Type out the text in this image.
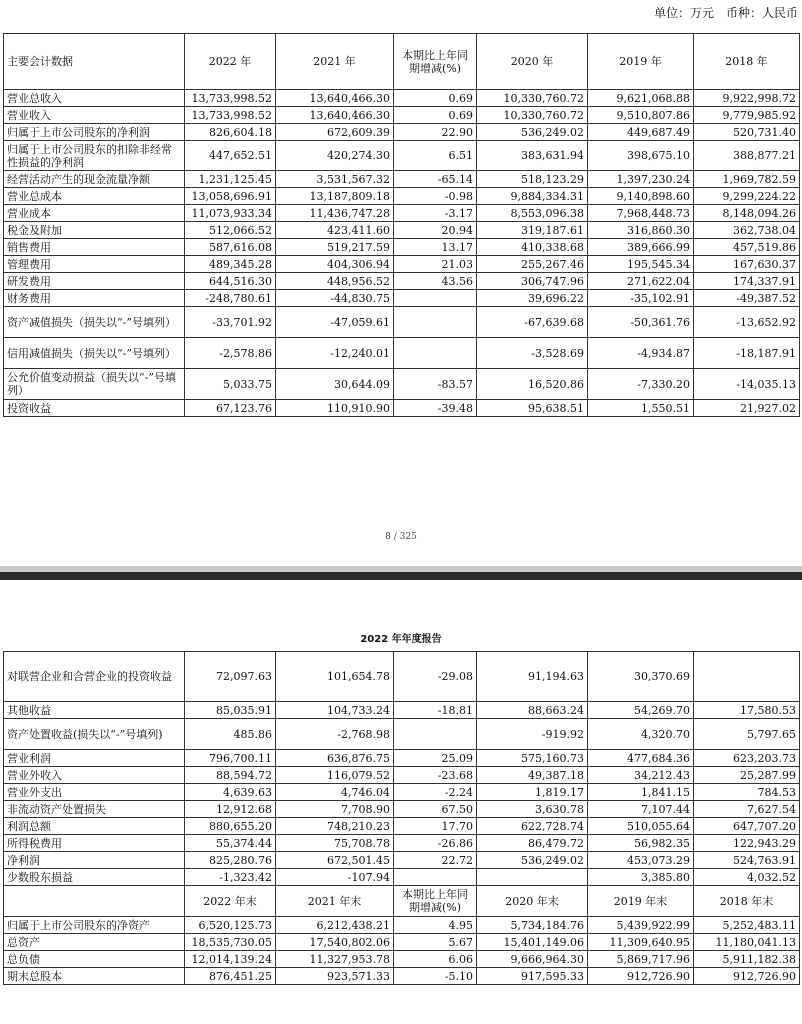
单位：万元　币种：人民币
主要会计数据	2022 年	2021 年	本期比上年同期增减(%)	2020 年	2019 年	2018 年
营业总收入	13,733,998.52	13,640,466.30	0.69	10,330,760.72	9,621,068.88	9,922,998.72
营业收入	13,733,998.52	13,640,466.30	0.69	10,330,760.72	9,510,807.86	9,779,985.92
归属于上市公司股东的净利润	826,604.18	672,609.39	22.90	536,249.02	449,687.49	520,731.40
归属于上市公司股东的扣除非经常性损益的净利润	447,652.51	420,274.30	6.51	383,631.94	398,675.10	388,877.21
经营活动产生的现金流量净额	1,231,125.45	3,531,567.32	-65.14	518,123.29	1,397,230.24	1,969,782.59
营业总成本	13,058,696.91	13,187,809.18	-0.98	9,884,334.31	9,140,898.60	9,299,224.22
营业成本	11,073,933.34	11,436,747.28	-3.17	8,553,096.38	7,968,448.73	8,148,094.26
税金及附加	512,066.52	423,411.60	20.94	319,187.61	316,860.30	362,738.04
销售费用	587,616.08	519,217.59	13.17	410,338.68	389,666.99	457,519.86
管理费用	489,345.28	404,306.94	21.03	255,267.46	195,545.34	167,630.37
研发费用	644,516.30	448,956.52	43.56	306,747.96	271,622.04	174,337.91
财务费用	-248,780.61	-44,830.75		39,696.22	-35,102.91	-49,387.52
资产减值损失（损失以“-”号填列）	-33,701.92	-47,059.61		-67,639.68	-50,361.76	-13,652.92
信用减值损失（损失以“-”号填列）	-2,578.86	-12,240.01		-3,528.69	-4,934.87	-18,187.91
公允价值变动损益（损失以“-”号填列）	5,033.75	30,644.09	-83.57	16,520.86	-7,330.20	-14,035.13
投资收益	67,123.76	110,910.90	-39.48	95,638.51	1,550.51	21,927.02
8 / 325
2022 年年度报告
对联营企业和合营企业的投资收益	72,097.63	101,654.78	-29.08	91,194.63	30,370.69	
其他收益	85,035.91	104,733.24	-18.81	88,663.24	54,269.70	17,580.53
资产处置收益(损失以“-”号填列)	485.86	-2,768.98		-919.92	4,320.70	5,797.65
营业利润	796,700.11	636,876.75	25.09	575,160.73	477,684.36	623,203.73
营业外收入	88,594.72	116,079.52	-23.68	49,387.18	34,212.43	25,287.99
营业外支出	4,639.63	4,746.04	-2.24	1,819.17	1,841.15	784.53
非流动资产处置损失	12,912.68	7,708.90	67.50	3,630.78	7,107.44	7,627.54
利润总额	880,655.20	748,210.23	17.70	622,728.74	510,055.64	647,707.20
所得税费用	55,374.44	75,708.78	-26.86	86,479.72	56,982.35	122,943.29
净利润	825,280.76	672,501.45	22.72	536,249.02	453,073.29	524,763.91
少数股东损益	-1,323.42	-107.94			3,385.80	4,032.52
	2022 年末	2021 年末	本期比上年同期增减(%)	2020 年末	2019 年末	2018 年末
归属于上市公司股东的净资产	6,520,125.73	6,212,438.21	4.95	5,734,184.76	5,439,922.99	5,252,483.11
总资产	18,535,730.05	17,540,802.06	5.67	15,401,149.06	11,309,640.95	11,180,041.13
总负债	12,014,139.24	11,327,953.78	6.06	9,666,964.30	5,869,717.96	5,911,182.38
期末总股本	876,451.25	923,571.33	-5.10	917,595.33	912,726.90	912,726.90
